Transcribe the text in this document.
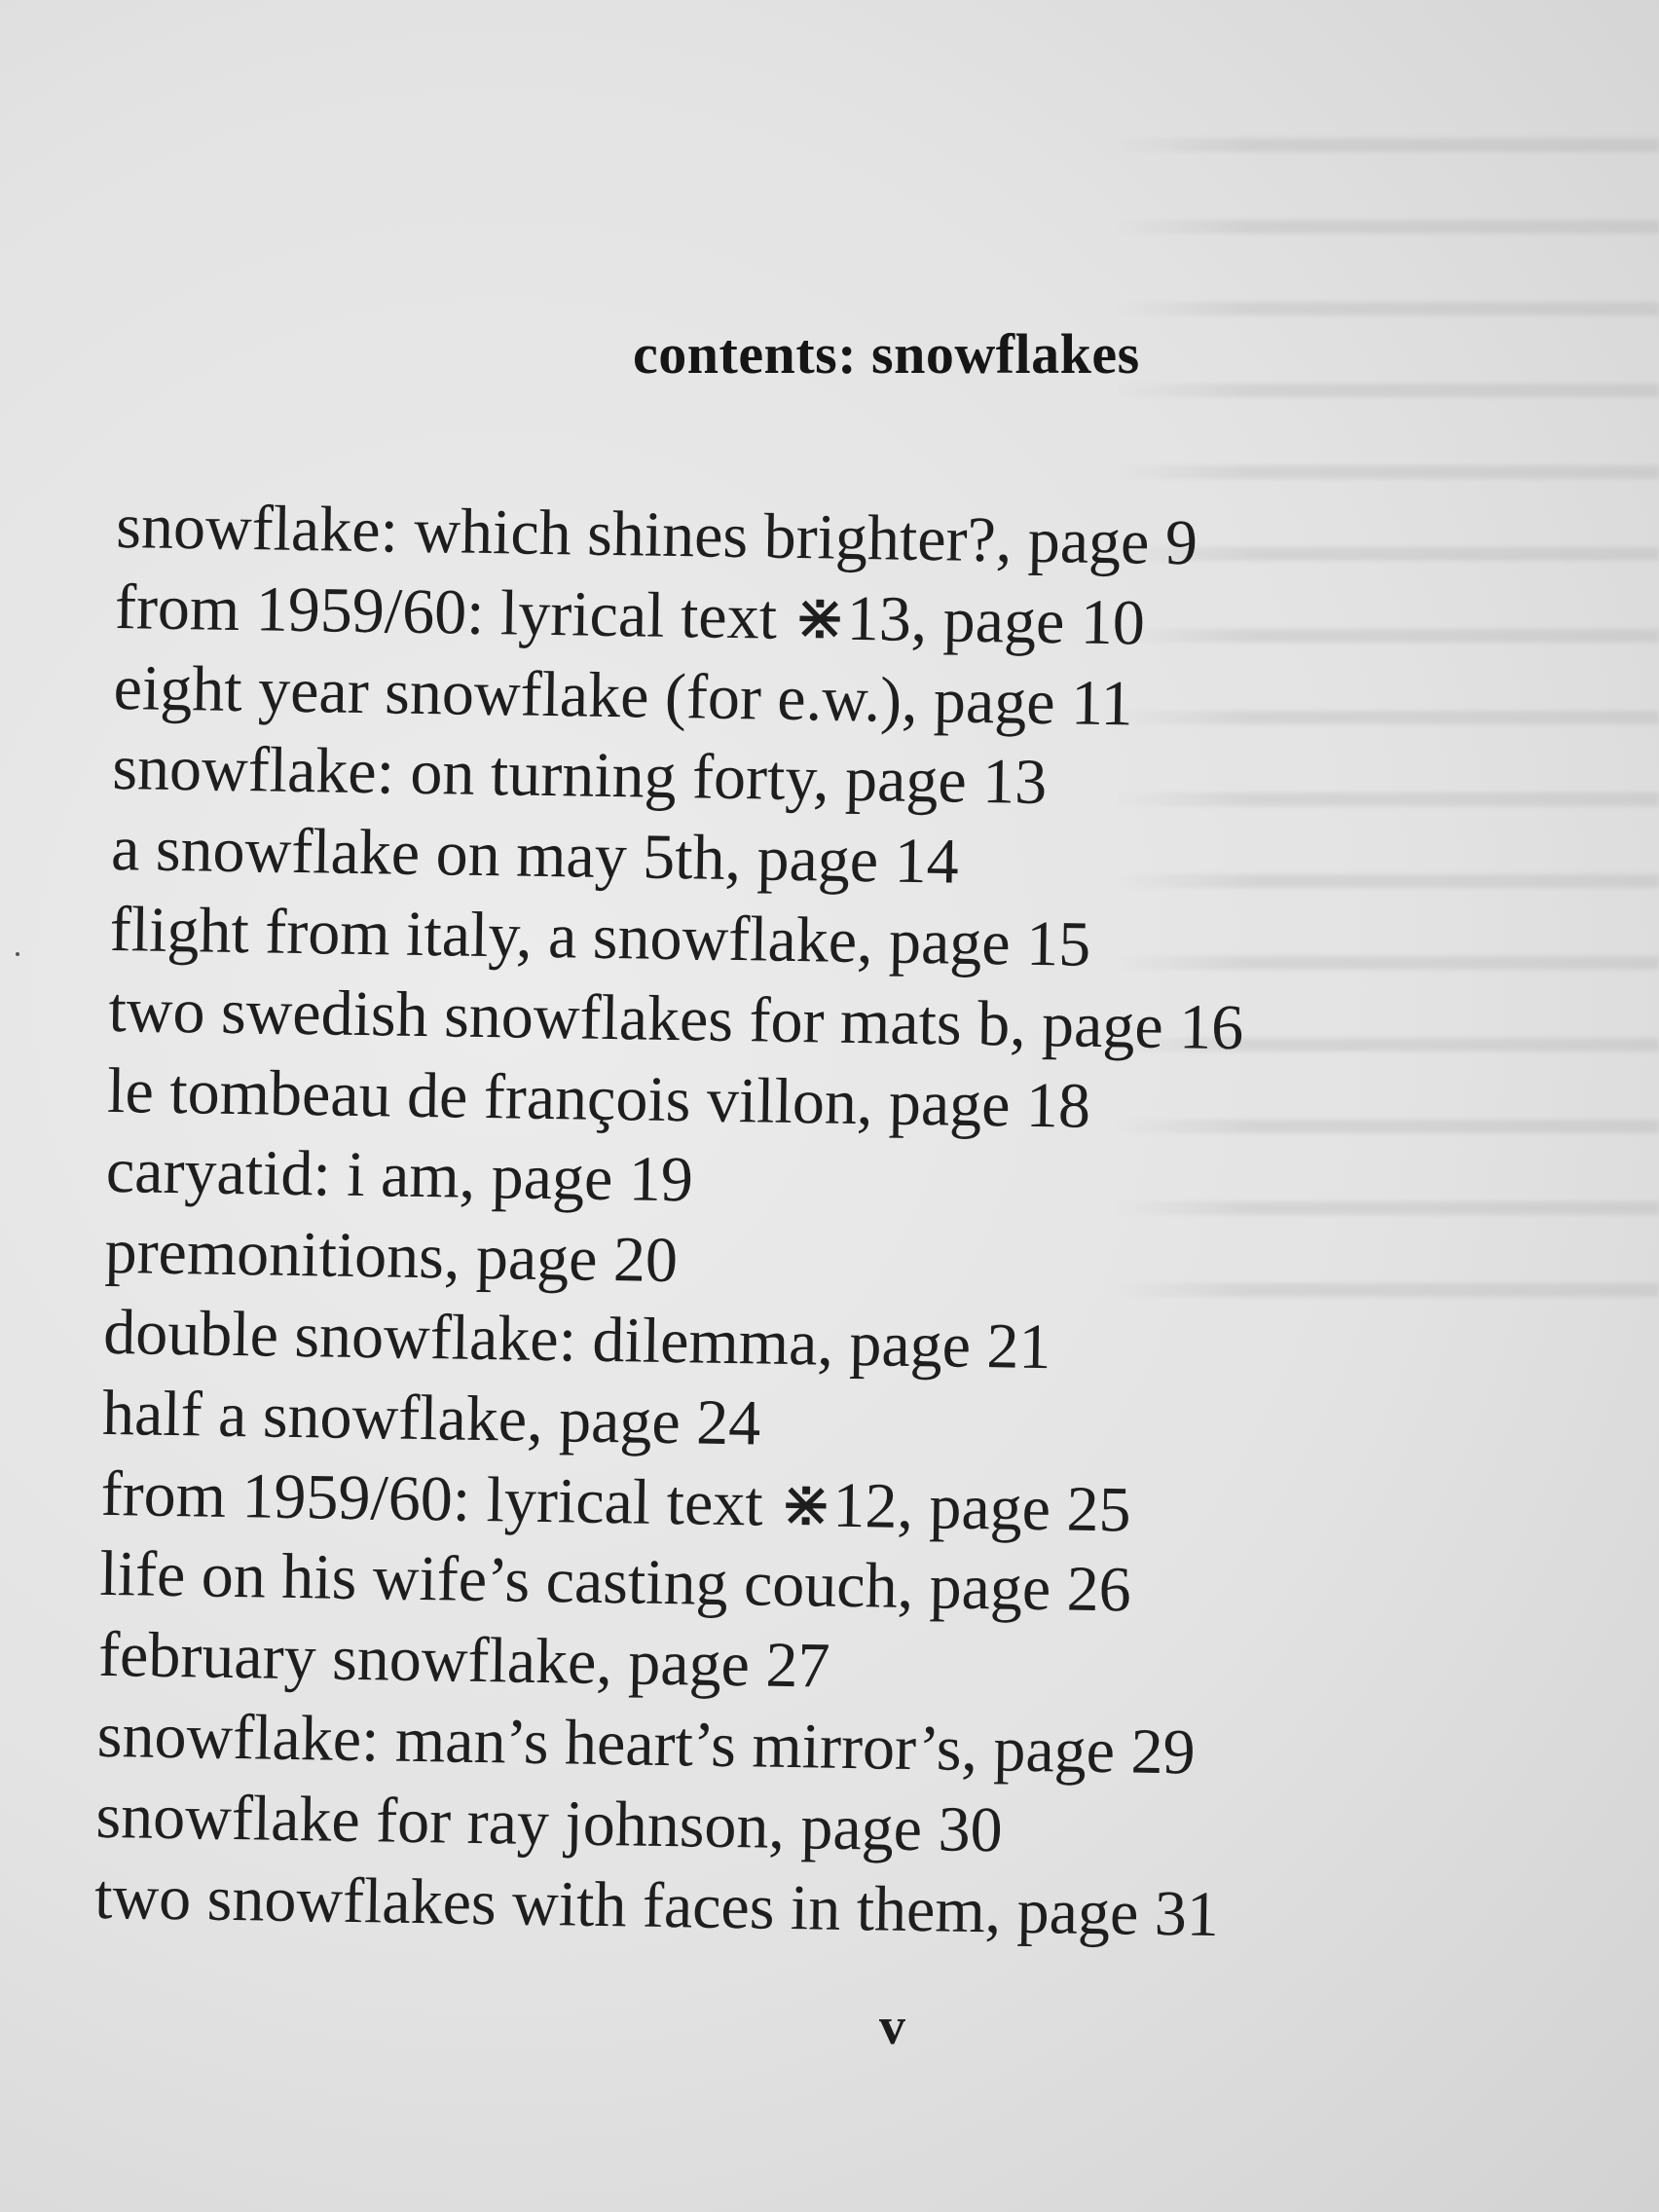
contents: snowflakes
snowflake: which shines brighter?, page 9
from 1959/60: lyrical text ⋇13, page 10
eight year snowflake (for e.w.), page 11
snowflake: on turning forty, page 13
a snowflake on may 5th, page 14
flight from italy, a snowflake, page 15
two swedish snowflakes for mats b, page 16
le tombeau de françois villon, page 18
caryatid: i am, page 19
premonitions, page 20
double snowflake: dilemma, page 21
half a snowflake, page 24
from 1959/60: lyrical text ⋇12, page 25
life on his wife’s casting couch, page 26
february snowflake, page 27
snowflake: man’s heart’s mirror’s, page 29
snowflake for ray johnson, page 30
two snowflakes with faces in them, page 31
v
